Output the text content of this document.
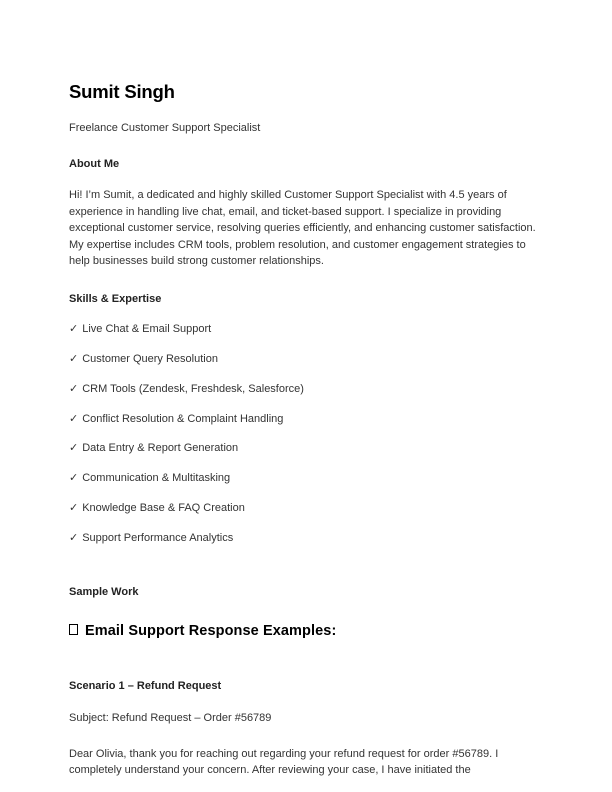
Sumit Singh

Freelance Customer Support Specialist

About Me

Hi! I’m Sumit, a dedicated and highly skilled Customer Support Specialist with 4.5 years of experience in handling live chat, email, and ticket-based support. I specialize in providing exceptional customer service, resolving queries efficiently, and enhancing customer satisfaction. My expertise includes CRM tools, problem resolution, and customer engagement strategies to help businesses build strong customer relationships.

Skills & Expertise
✓ Live Chat & Email Support
✓ Customer Query Resolution
✓ CRM Tools (Zendesk, Freshdesk, Salesforce)
✓ Conflict Resolution & Complaint Handling
✓ Data Entry & Report Generation
✓ Communication & Multitasking
✓ Knowledge Base & FAQ Creation
✓ Support Performance Analytics
Sample Work

Email Support Response Examples:

Scenario 1 – Refund Request

Subject: Refund Request – Order #56789

Dear Olivia, thank you for reaching out regarding your refund request for order #56789. I completely understand your concern. After reviewing your case, I have initiated the
